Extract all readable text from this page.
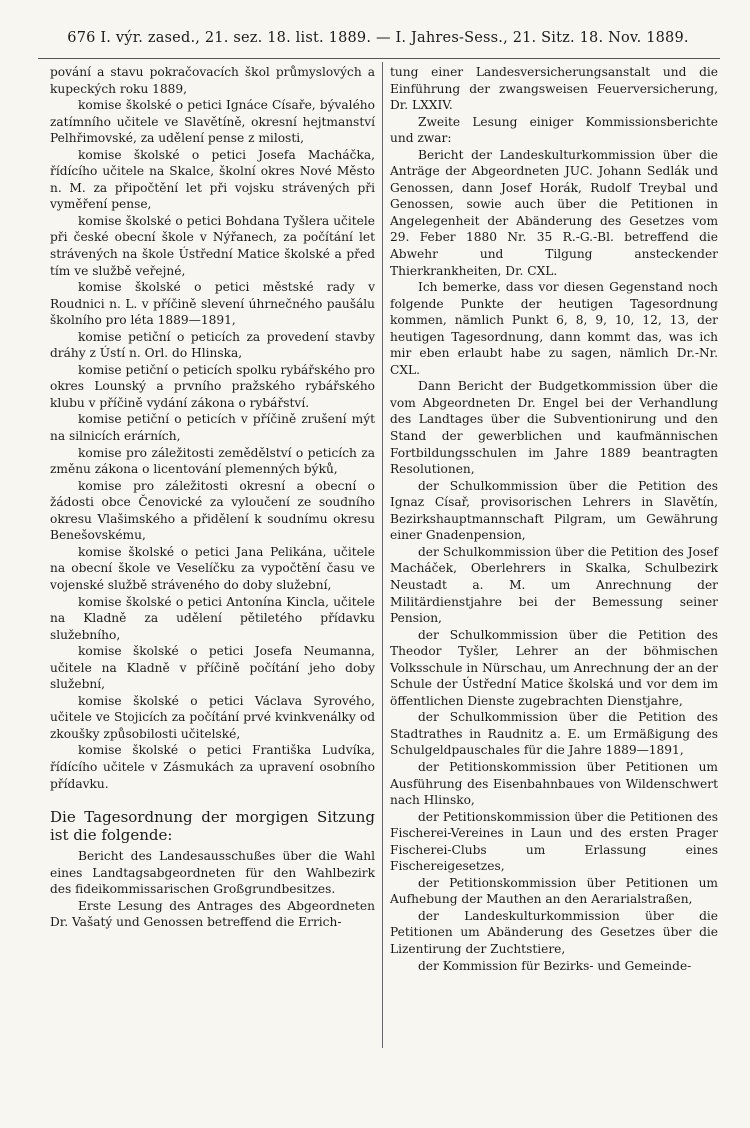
676 I. výr. zased., 21. sez. 18. list. 1889. — I. Jahres-Sess., 21. Sitz. 18. Nov. 1889.

pování a stavu pokračovacích škol průmyslových a kupeckých roku 1889,

komise školské o petici Ignáce Císaře, bývalého zatímního učitele ve Slavětíně, okresní hejtmanství Pelhřimovské, za udělení pense z milosti,

komise školské o petici Josefa Macháčka, řídícího učitele na Skalce, školní okres Nové Město n. M. za připočtění let při vojsku strávených při vyměření pense,

komise školské o petici Bohdana Tyšlera učitele při české obecní škole v Nýřanech, za počítání let strávených na škole Ústřední Matice školské a před tím ve službě veřejné,

komise školské o petici městské rady v Roudnici n. L. v příčině slevení úhrnečného paušálu školního pro léta 1889—1891,

komise petiční o peticích za provedení stavby dráhy z Ústí n. Orl. do Hlinska,

komise petiční o peticích spolku rybářského pro okres Lounský a prvního pražského rybářského klubu v příčině vydání zákona o rybářství.

komise petiční o peticích v příčině zrušení mýt na silnicích erárních,

komise pro záležitosti zemědělství o peticích za změnu zákona o licentování plemenných býků,

komise pro záležitosti okresní a obecní o žádosti obce Čenovické za vyloučení ze soudního okresu Vlašimského a přidělení k soudnímu okresu Benešovskému,

komise školské o petici Jana Pelikána, učitele na obecní škole ve Veselíčku za vypočtění času ve vojenské službě stráveného do doby služební,

komise školské o petici Antonína Kincla, učitele na Kladně za udělení pětiletého přídavku služebního,

komise školské o petici Josefa Neumanna, učitele na Kladně v příčině počítání jeho doby služební,

komise školské o petici Václava Syrového, učitele ve Stojicích za počítání prvé kvinkvenálky od zkoušky způsobilosti učitelské,

komise školské o petici Františka Ludvíka, řídícího učitele v Zásmukách za upravení osobního přídavku.

Die Tagesordnung der morgigen Sitzung ist die folgende:

Bericht des Landesausschußes über die Wahl eines Landtagsabgeordneten für den Wahlbezirk des fideikommissarischen Großgrundbesitzes.

Erste Lesung des Antrages des Abgeordneten Dr. Vašatý und Genossen betreffend die Errich-

tung einer Landesversicherungsanstalt und die Einführung der zwangsweisen Feuerversicherung, Dr. LXXIV.

Zweite Lesung einiger Kommissionsberichte und zwar:

Bericht der Landeskulturkommission über die Anträge der Abgeordneten JUC. Johann Sedlák und Genossen, dann Josef Horák, Rudolf Treybal und Genossen, sowie auch über die Petitionen in Angelegenheit der Abänderung des Gesetzes vom 29. Feber 1880 Nr. 35 R.-G.-Bl. betreffend die Abwehr und Tilgung ansteckender Thierkrankheiten, Dr. CXL.

Ich bemerke, dass vor diesen Gegenstand noch folgende Punkte der heutigen Tagesordnung kommen, nämlich Punkt 6, 8, 9, 10, 12, 13, der heutigen Tagesordnung, dann kommt das, was ich mir eben erlaubt habe zu sagen, nämlich Dr.-Nr. CXL.

Dann Bericht der Budgetkommission über die vom Abgeordneten Dr. Engel bei der Verhandlung des Landtages über die Subventionirung und den Stand der gewerblichen und kaufmännischen Fortbildungsschulen im Jahre 1889 beantragten Resolutionen,

der Schulkommission über die Petition des Ignaz Císař, provisorischen Lehrers in Slavětín, Bezirkshauptmannschaft Pilgram, um Gewährung einer Gnadenpension,

der Schulkommission über die Petition des Josef Macháček, Oberlehrers in Skalka, Schulbezirk Neustadt a. M. um Anrechnung der Militärdienstjahre bei der Bemessung seiner Pension,

der Schulkommission über die Petition des Theodor Tyšler, Lehrer an der böhmischen Volksschule in Nürschau, um Anrechnung der an der Schule der Ústřední Matice školská und vor dem im öffentlichen Dienste zugebrachten Dienstjahre,

der Schulkommission über die Petition des Stadtrathes in Raudnitz a. E. um Ermäßigung des Schulgeldpauschales für die Jahre 1889—1891,

der Petitionskommission über Petitionen um Ausführung des Eisenbahnbaues von Wildenschwert nach Hlinsko,

der Petitionskommission über die Petitionen des Fischerei-Vereines in Laun und des ersten Prager Fischerei-Clubs um Erlassung eines Fischereigesetzes,

der Petitionskommission über Petitionen um Aufhebung der Mauthen an den Aerarialstraßen,

der Landeskulturkommission über die Petitionen um Abänderung des Gesetzes über die Lizentirung der Zuchtstiere,

der Kommission für Bezirks- und Gemeinde-
